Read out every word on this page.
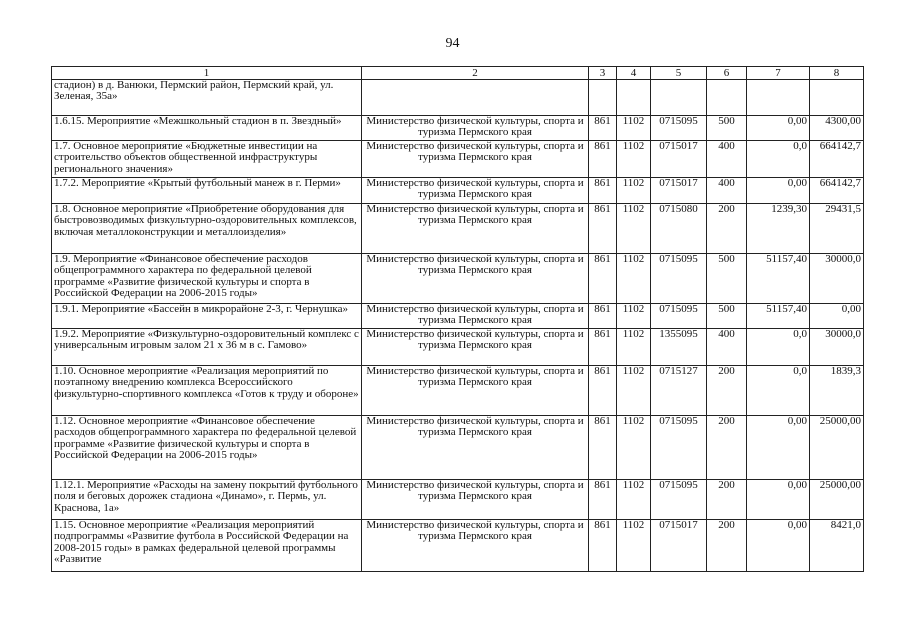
94
1	2	3	4	5	6	7	8
стадион) в д. Ванюки, Пермский район, Пермский край, ул. Зеленая, 35а»							
1.6.15. Мероприятие «Межшкольный стадион в п. Звездный»	Министерство физической культуры, спорта и туризма Пермского края	861	1102	0715095	500	0,00	4300,00
1.7. Основное мероприятие «Бюджетные инвестиции на строительство объектов общественной инфраструктуры регионального значения»	Министерство физической культуры, спорта и туризма Пермского края	861	1102	0715017	400	0,0	664142,7
1.7.2. Мероприятие «Крытый футбольный манеж в г. Перми»	Министерство физической культуры, спорта и туризма Пермского края	861	1102	0715017	400	0,00	664142,7
1.8. Основное мероприятие «Приобретение оборудования для быстровозводимых физкультурно-оздоровительных комплексов, включая металлоконструкции и металлоизделия»	Министерство физической культуры, спорта и туризма Пермского края	861	1102	0715080	200	1239,30	29431,5
1.9. Мероприятие «Финансовое обеспечение расходов общепрограммного характера по федеральной целевой программе «Развитие физической культуры и спорта в Российской Федерации на 2006-2015 годы»	Министерство физической культуры, спорта и туризма Пермского края	861	1102	0715095	500	51157,40	30000,0
1.9.1. Мероприятие «Бассейн в микрорайоне 2-3, г. Чернушка»	Министерство физической культуры, спорта и туризма Пермского края	861	1102	0715095	500	51157,40	0,00
1.9.2. Мероприятие «Физкультурно-оздоровительный комплекс с универсальным игровым залом 21 х 36 м в с. Гамово»	Министерство физической культуры, спорта и туризма Пермского края	861	1102	1355095	400	0,0	30000,0
1.10. Основное мероприятие «Реализация мероприятий по поэтапному внедрению комплекса Всероссийского физкультурно-спортивного комплекса «Готов к труду и обороне»	Министерство физической культуры, спорта и туризма Пермского края	861	1102	0715127	200	0,0	1839,3
1.12. Основное мероприятие «Финансовое обеспечение расходов общепрограммного характера по федеральной целевой программе «Развитие физической культуры и спорта в Российской Федерации на 2006-2015 годы»	Министерство физической культуры, спорта и туризма Пермского края	861	1102	0715095	200	0,00	25000,00
1.12.1. Мероприятие «Расходы на замену покрытий футбольного поля и беговых дорожек стадиона «Динамо», г. Пермь, ул. Краснова, 1а»	Министерство физической культуры, спорта и туризма Пермского края	861	1102	0715095	200	0,00	25000,00
1.15. Основное мероприятие «Реализация мероприятий подпрограммы «Развитие футбола в Российской Федерации на 2008-2015 годы» в рамках федеральной целевой программы «Развитие	Министерство физической культуры, спорта и туризма Пермского края	861	1102	0715017	200	0,00	8421,0
